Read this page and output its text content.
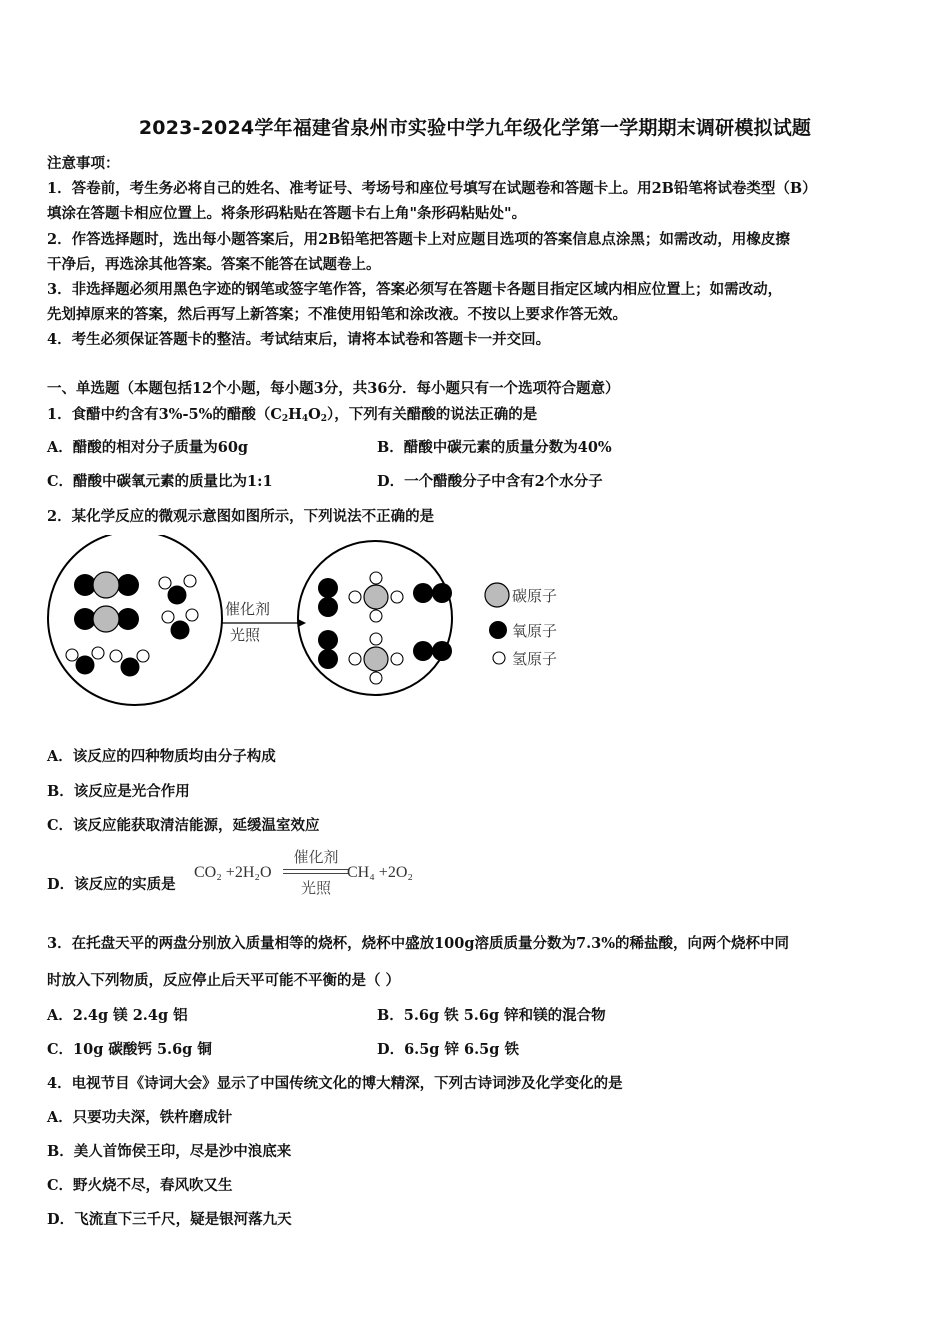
2023-2024学年福建省泉州市实验中学九年级化学第一学期期末调研模拟试题
注意事项：
1．答卷前，考生务必将自己的姓名、准考证号、考场号和座位号填写在试题卷和答题卡上。用2B铅笔将试卷类型（B）
填涂在答题卡相应位置上。将条形码粘贴在答题卡右上角"条形码粘贴处"。
2．作答选择题时，选出每小题答案后，用2B铅笔把答题卡上对应题目选项的答案信息点涂黑；如需改动，用橡皮擦
干净后，再选涂其他答案。答案不能答在试题卷上。
3．非选择题必须用黑色字迹的钢笔或签字笔作答，答案必须写在答题卡各题目指定区域内相应位置上；如需改动，
先划掉原来的答案，然后再写上新答案；不准使用铅笔和涂改液。不按以上要求作答无效。
4．考生必须保证答题卡的整洁。考试结束后，请将本试卷和答题卡一并交回。
一、单选题（本题包括12个小题，每小题3分，共36分．每小题只有一个选项符合题意）
1．食醋中约含有3%-5%的醋酸$(C_2H_4O_2)$，下列有关醋酸的说法正确的是
A．醋酸的相对分子质量为60g	B．醋酸中碳元素的质量分数为40%
C．醋酸中碳氧元素的质量比为1:1	D．一个醋酸分子中含有2个水分子
2．某化学反应的微观示意图如图所示，下列说法不正确的是
催化剂
光照
碳原子
氧原子
氢原子
A．该反应的四种物质均由分子构成
B．该反应是光合作用
C．该反应能获取清洁能源，延缓温室效应
D．该反应的实质是
CO₂ +2H₂O
催化剂
光照
CH₄ +2O₂
3．在托盘天平的两盘分别放入质量相等的烧杯，烧杯中盛放100g溶质质量分数为7.3%的稀盐酸，向两个烧杯中同
时放入下列物质，反应停止后天平可能不平衡的是（ ）
A．2.4g 镁 2.4g 铝	B．5.6g 铁 5.6g 锌和镁的混合物
C．10g 碳酸钙 5.6g 铜	D．6.5g 锌 6.5g 铁
4．电视节目《诗词大会》显示了中国传统文化的博大精深，下列古诗词涉及化学变化的是
A．只要功夫深，铁杵磨成针
B．美人首饰侯王印，尽是沙中浪底来
C．野火烧不尽，春风吹又生
D．飞流直下三千尺，疑是银河落九天
